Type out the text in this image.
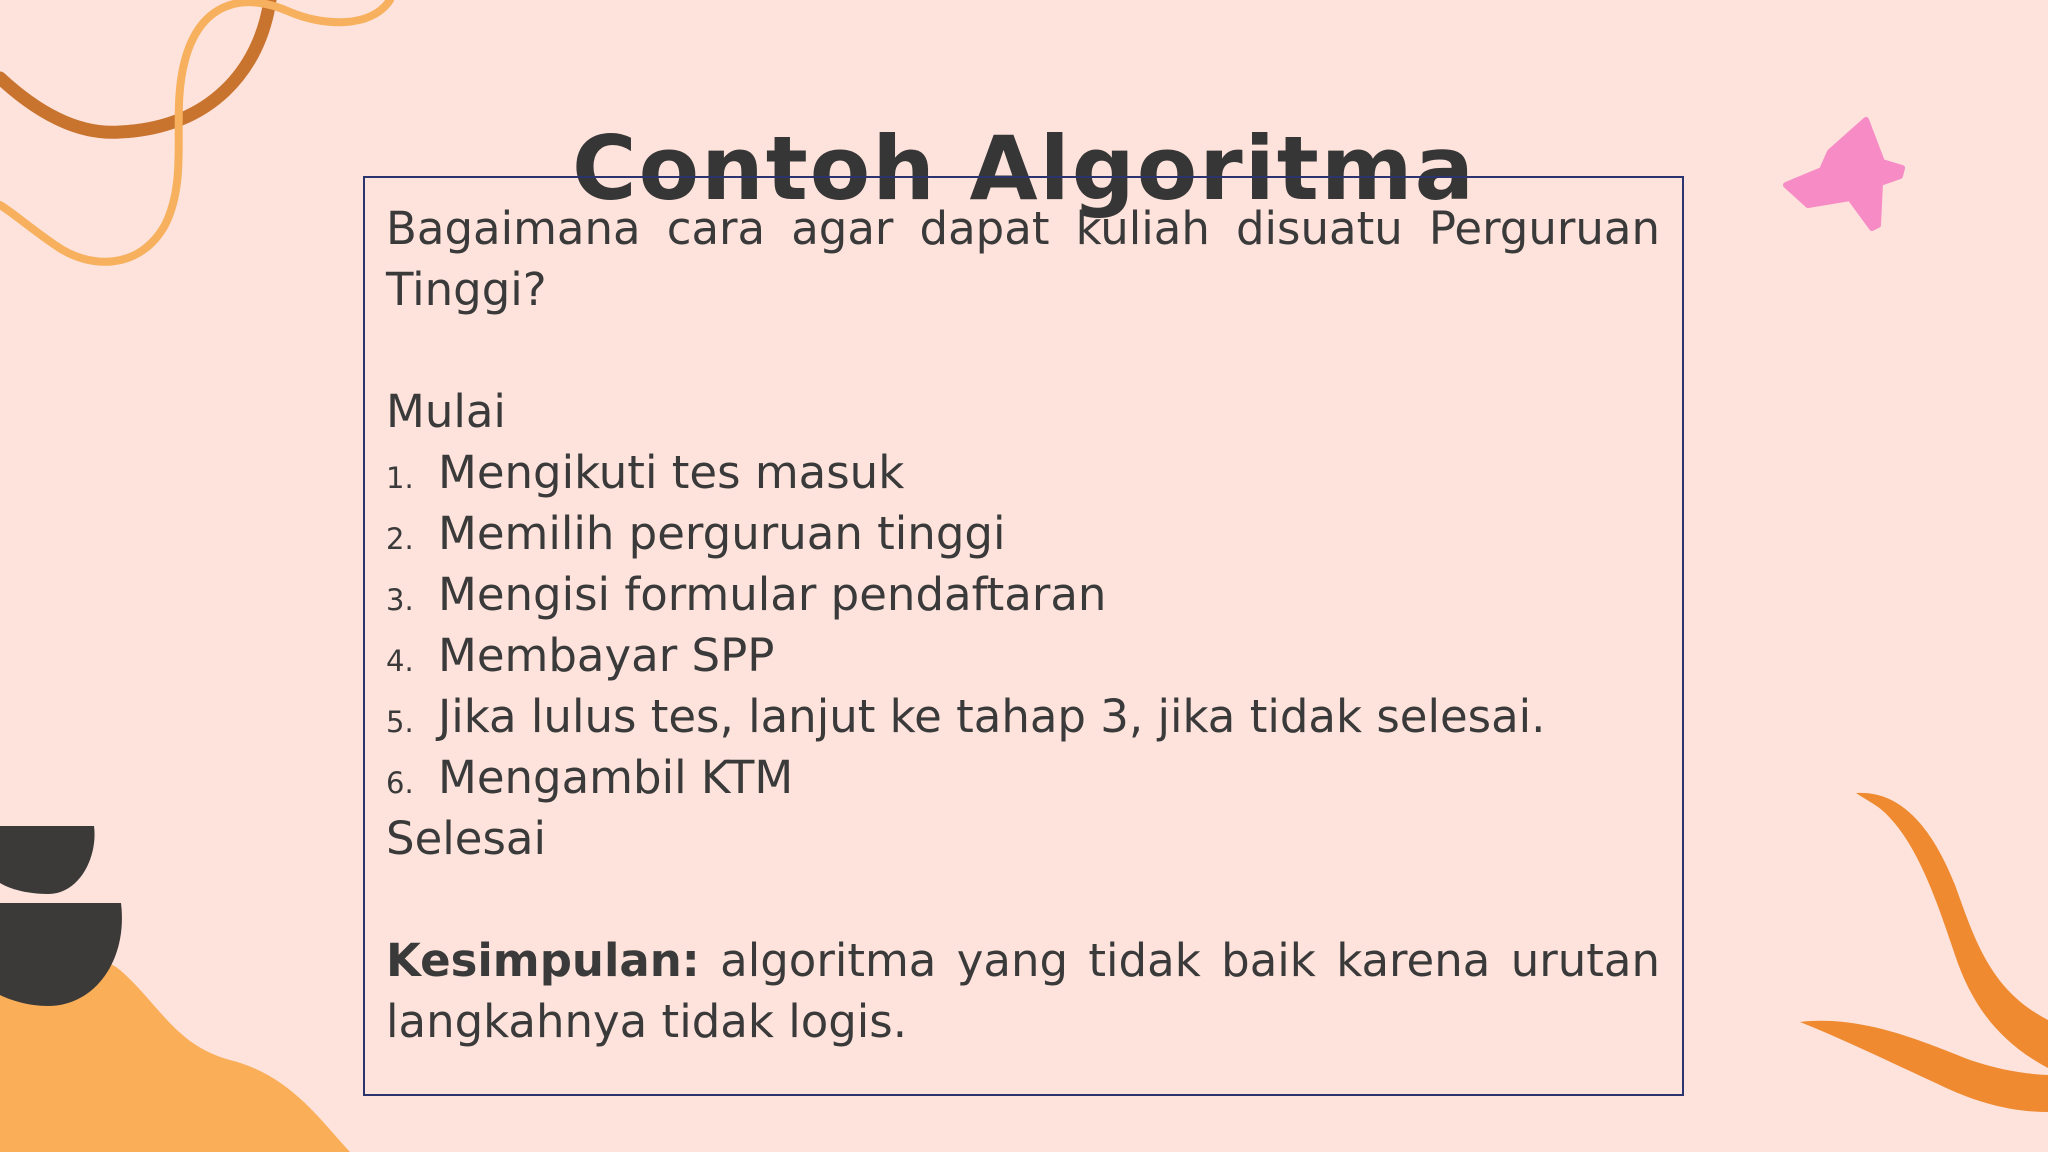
Contoh Algoritma

Bagaimana cara agar dapat kuliah disuatu Perguruan Tinggi?

Mulai

1. Mengikuti tes masuk
2. Memilih perguruan tinggi
3. Mengisi formular pendaftaran
4. Membayar SPP
5. Jika lulus tes, lanjut ke tahap 3, jika tidak selesai.
6. Mengambil KTM

Selesai

Kesimpulan: algoritma yang tidak baik karena urutan langkahnya tidak logis.
